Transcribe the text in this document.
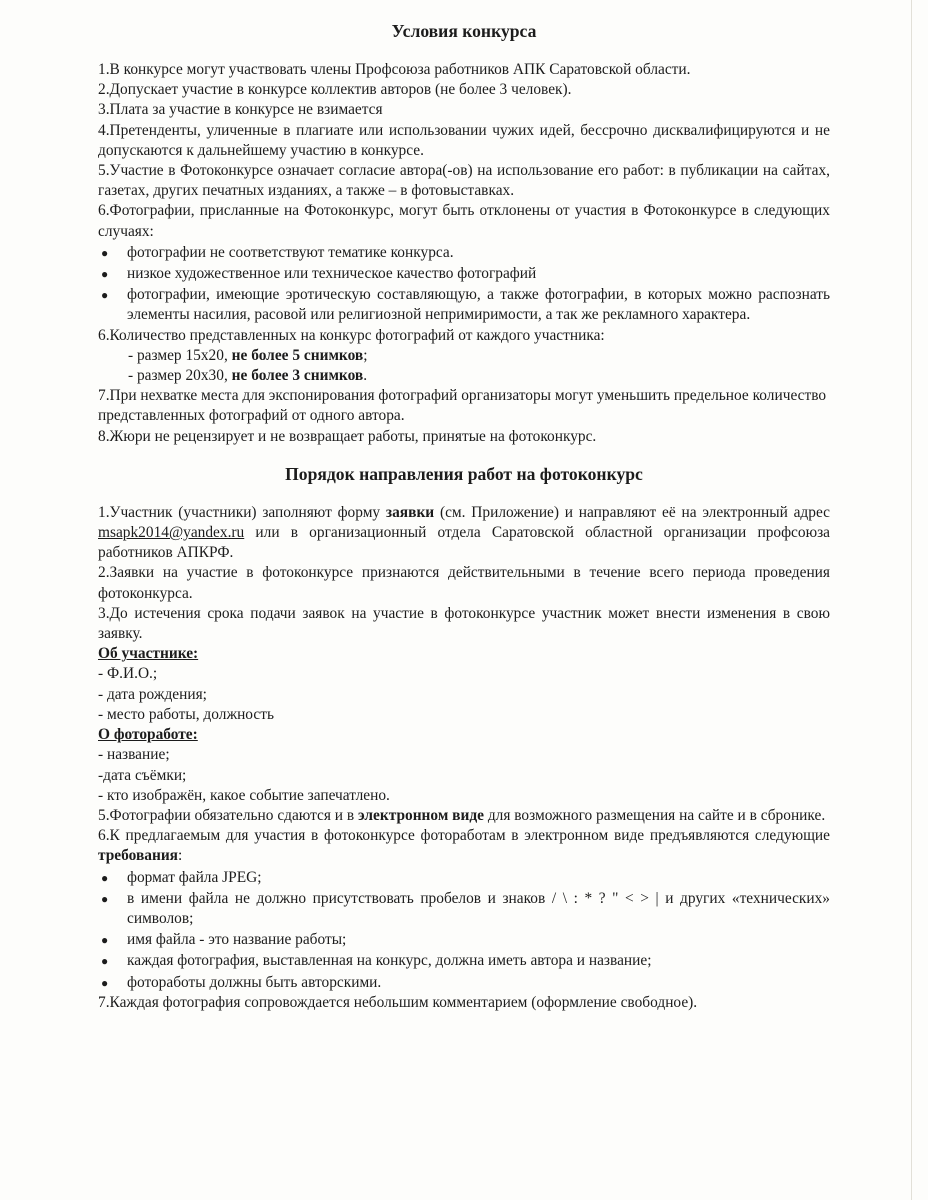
Условия конкурса

1.В конкурсе могут участвовать члены Профсоюза работников АПК Саратовской области.

2.Допускает участие в конкурсе коллектив авторов (не более 3 человек).

3.Плата за участие в конкурсе не взимается

4.Претенденты, уличенные в плагиате или использовании чужих идей, бессрочно дисквалифицируются и не допускаются к дальнейшему участию в конкурсе.

5.Участие в Фотоконкурсе означает согласие автора(-ов) на использование его работ: в публикации на сайтах, газетах, других печатных изданиях, а также – в фотовыставках.

6.Фотографии, присланные на Фотоконкурс, могут быть отклонены от участия в Фотоконкурсе в следующих случаях:

●	фотографии не соответствуют тематике конкурса.
●	низкое художественное или техническое качество фотографий
●	фотографии, имеющие эротическую составляющую, а также фотографии, в которых можно распознать элементы насилия, расовой или религиозной непримиримости, а так же рекламного характера.

6.Количество представленных на конкурс фотографий от каждого участника:

- размер 15х20, не более 5 снимков;

- размер 20х30, не более 3 снимков.

7.При нехватке места для экспонирования фотографий организаторы могут уменьшить предельное количество представленных фотографий от одного автора.

8.Жюри не рецензирует и не возвращает работы, принятые на фотоконкурс.

Порядок направления работ на фотоконкурс

1.Участник (участники) заполняют форму заявки (см. Приложение) и направляют её на электронный адрес msapk2014@yandex.ru или в организационный отдела Саратовской областной организации профсоюза работников АПКРФ.

2.Заявки на участие в фотоконкурсе признаются действительными в течение всего периода проведения фотоконкурса.

3.До истечения срока подачи заявок на участие в фотоконкурсе участник может внести изменения в свою заявку.

Об участнике:

- Ф.И.О.;

- дата рождения;

- место работы, должность

О фотоработе:

- название;

-дата съёмки;

- кто изображён, какое событие запечатлено.

5.Фотографии обязательно сдаются и в электронном виде для возможного размещения на сайте и в сбронике.

6.К предлагаемым для участия в фотоконкурсе фотоработам в электронном виде предъявляются следующие требования:

●	формат файла JPEG;
●	в имени файла не должно присутствовать пробелов и знаков / \ : * ? " < > | и других «технических» символов;
●	имя файла - это название работы;
●	каждая фотография, выставленная на конкурс, должна иметь автора и название;
●	фотоработы должны быть авторскими.

7.Каждая фотография сопровождается небольшим комментарием (оформление свободное).
